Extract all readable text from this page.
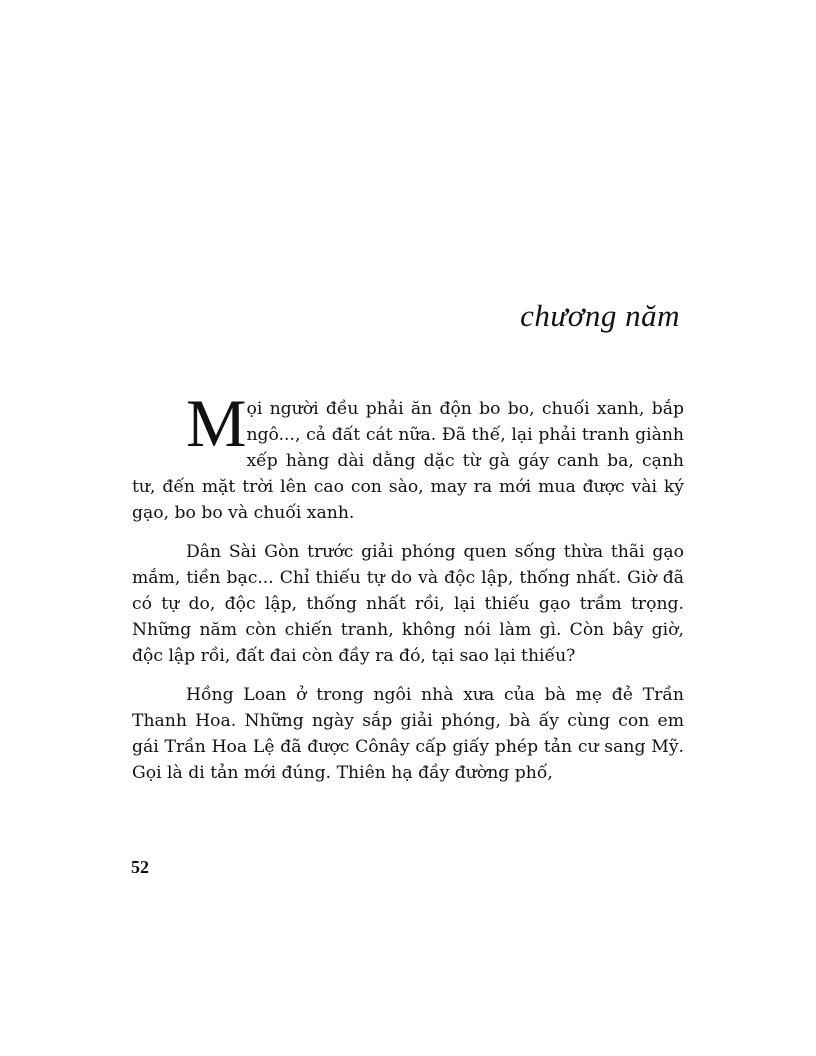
chương năm

Mọi người đều phải ăn độn bo bo, chuối xanh, bắp ngô..., cả đất cát nữa. Đã thế, lại phải tranh giành xếp hàng dài dằng dặc từ gà gáy canh ba, cạnh tư, đến mặt trời lên cao con sào, may ra mới mua được vài ký gạo, bo bo và chuối xanh.

Dân Sài Gòn trước giải phóng quen sống thừa thãi gạo mắm, tiền bạc... Chỉ thiếu tự do và độc lập, thống nhất. Giờ đã có tự do, độc lập, thống nhất rồi, lại thiếu gạo trầm trọng. Những năm còn chiến tranh, không nói làm gì. Còn bây giờ, độc lập rồi, đất đai còn đầy ra đó, tại sao lại thiếu?

Hồng Loan ở trong ngôi nhà xưa của bà mẹ đẻ Trần Thanh Hoa. Những ngày sắp giải phóng, bà ấy cùng con em gái Trần Hoa Lệ đã được Cônây cấp giấy phép tản cư sang Mỹ. Gọi là di tản mới đúng. Thiên hạ đầy đường phố,

52
